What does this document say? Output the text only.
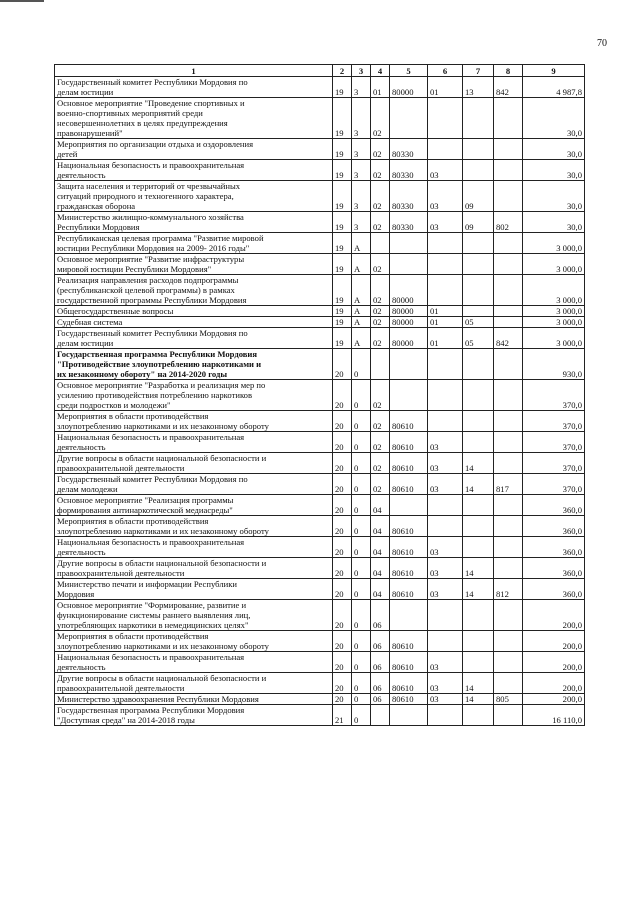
70
1	2	3	4	5	6	7	8	9
Государственный комитет Республики Мордовия по
делам юстиции	19	3	01	80000	01	13	842	4 987,8
Основное мероприятие "Проведение спортивных и
военно-спортивных мероприятий среди
несовершеннолетних в целях предупреждения
правонарушений"	19	3	02					30,0
Мероприятия по организации отдыха и оздоровления
детей	19	3	02	80330				30,0
Национальная безопасность и правоохранительная
деятельность	19	3	02	80330	03			30,0
Защита населения и территорий от чрезвычайных
ситуаций природного и техногенного характера,
гражданская оборона	19	3	02	80330	03	09		30,0
Министерство жилищно-коммунального хозяйства
Республики Мордовия	19	3	02	80330	03	09	802	30,0
Республиканская целевая программа "Развитие мировой
юстиции Республики Мордовия на 2009- 2016 годы"	19	А						3 000,0
Основное мероприятие "Развитие инфраструктуры
мировой юстиции Республики Мордовия"	19	А	02					3 000,0
Реализация направления расходов подпрограммы
(республиканской целевой программы) в рамках
государственной программы Республики Мордовия	19	А	02	80000				3 000,0
Общегосударственные вопросы	19	А	02	80000	01			3 000,0
Судебная система	19	А	02	80000	01	05		3 000,0
Государственный комитет Республики Мордовия по
делам юстиции	19	А	02	80000	01	05	842	3 000,0
Государственная программа Республики Мордовия
"Противодействие злоупотреблению наркотиками и
их незаконному обороту" на 2014-2020 годы	20	0						930,0
Основное мероприятие "Разработка и реализация мер по
усилению противодействия потреблению наркотиков
среди подростков и молодежи"	20	0	02					370,0
Мероприятия в области противодействия
злоупотреблению наркотиками и их незаконному обороту	20	0	02	80610				370,0
Национальная безопасность и правоохранительная
деятельность	20	0	02	80610	03			370,0
Другие вопросы в области национальной безопасности и
правоохранительной деятельности	20	0	02	80610	03	14		370,0
Государственный комитет Республики Мордовия по
делам молодежи	20	0	02	80610	03	14	817	370,0
Основное мероприятие "Реализация программы
формирования антинаркотической медиасреды"	20	0	04					360,0
Мероприятия в области противодействия
злоупотреблению наркотиками и их незаконному обороту	20	0	04	80610				360,0
Национальная безопасность и правоохранительная
деятельность	20	0	04	80610	03			360,0
Другие вопросы в области национальной безопасности и
правоохранительной деятельности	20	0	04	80610	03	14		360,0
Министерство печати и информации Республики
Мордовия	20	0	04	80610	03	14	812	360,0
Основное мероприятие "Формирование, развитие и
функционирование системы раннего выявления лиц,
употребляющих наркотики в немедицинских целях"	20	0	06					200,0
Мероприятия в области противодействия
злоупотреблению наркотиками и их незаконному обороту	20	0	06	80610				200,0
Национальная безопасность и правоохранительная
деятельность	20	0	06	80610	03			200,0
Другие вопросы в области национальной безопасности и
правоохранительной деятельности	20	0	06	80610	03	14		200,0
Министерство здравоохранения Республики Мордовия	20	0	06	80610	03	14	805	200,0
Государственная программа Республики Мордовия
"Доступная среда" на 2014-2018 годы	21	0						16 110,0
